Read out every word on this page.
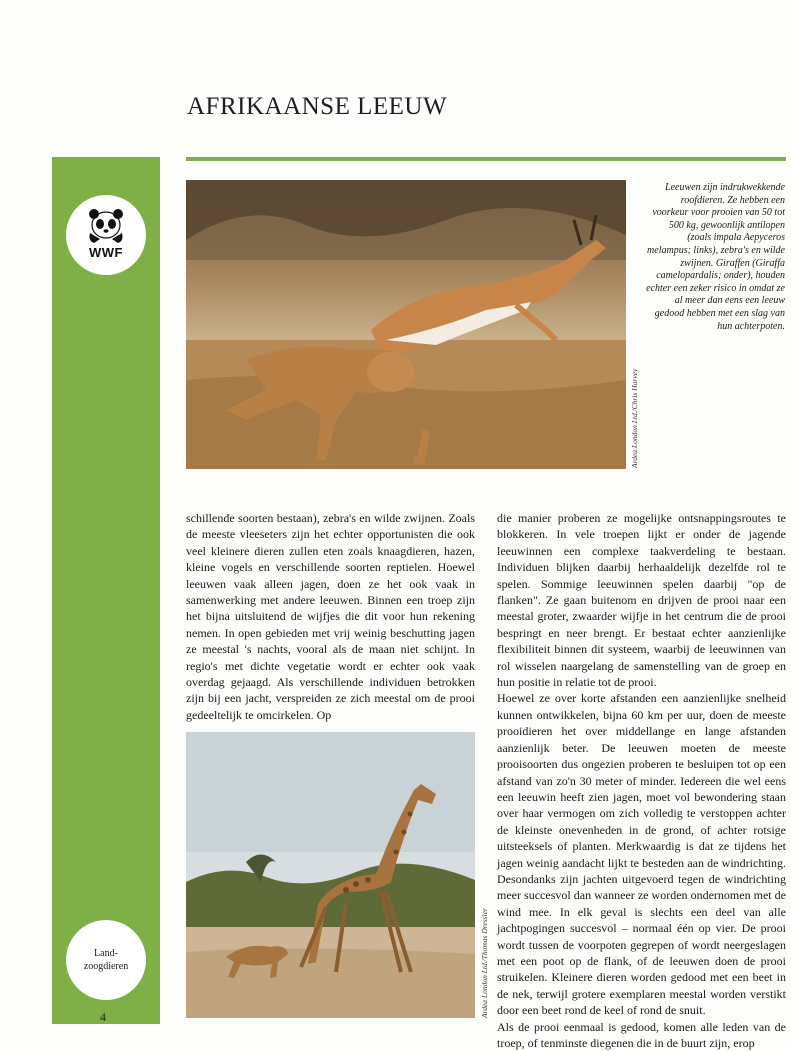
AFRIKAANSE LEEUW
WWF
Land-
zoogdieren
4
Ardea London Ltd./Chris Harvey
Leeuwen zijn indrukwekkende roofdieren. Ze hebben een voorkeur voor prooien van 50 tot 500 kg, gewoonlijk antilopen (zoals impala Aepyceros melampus; links), zebra's en wilde zwijnen. Giraffen (Giraffa camelopardalis; onder), houden echter een zeker risico in omdat ze al meer dan eens een leeuw gedood hebben met een slag van hun achterpoten.

schillende soorten bestaan), zebra's en wilde zwijnen. Zoals de meeste vleeseters zijn het echter opportunisten die ook veel kleinere dieren zullen eten zoals knaagdieren, hazen, kleine vogels en verschillende soorten reptielen. Hoewel leeuwen vaak alleen jagen, doen ze het ook vaak in samenwerking met andere leeuwen. Binnen een troep zijn het bijna uitsluitend de wijfjes die dit voor hun rekening nemen. In open gebieden met vrij weinig beschutting jagen ze meestal 's nachts, vooral als de maan niet schijnt. In regio's met dichte vegetatie wordt er echter ook vaak overdag gejaagd. Als verschillende individuen betrokken zijn bij een jacht, verspreiden ze zich meestal om de prooi gedeeltelijk te omcirkelen. Op

die manier proberen ze mogelijke ontsnappingsroutes te blokkeren. In vele troepen lijkt er onder de jagende leeuwinnen een complexe taakverdeling te bestaan. Individuen blijken daarbij herhaaldelijk dezelfde rol te spelen. Sommige leeuwinnen spelen daarbij "op de flanken". Ze gaan buitenom en drijven de prooi naar een meestal groter, zwaarder wijfje in het centrum die de prooi bespringt en neer brengt. Er bestaat echter aanzienlijke flexibiliteit binnen dit systeem, waarbij de leeuwinnen van rol wisselen naargelang de samenstelling van de groep en hun positie in relatie tot de prooi.

Hoewel ze over korte afstanden een aanzienlijke snelheid kunnen ontwikkelen, bijna 60 km per uur, doen de meeste prooidieren het over middellange en lange afstanden aanzienlijk beter. De leeuwen moeten de meeste prooisoorten dus ongezien proberen te besluipen tot op een afstand van zo'n 30 meter of minder. Iedereen die wel eens een leeuwin heeft zien jagen, moet vol bewondering staan over haar vermogen om zich volledig te verstoppen achter de kleinste onevenheden in de grond, of achter rotsige uitsteeksels of planten. Merkwaardig is dat ze tijdens het jagen weinig aandacht lijkt te besteden aan de windrichting. Desondanks zijn jachten uitgevoerd tegen de windrichting meer succesvol dan wanneer ze worden ondernomen met de wind mee. In elk geval is slechts een deel van alle jachtpogingen succesvol – normaal één op vier. De prooi wordt tussen de voorpoten gegrepen of wordt neergeslagen met een poot op de flank, of de leeuwen doen de prooi struikelen. Kleinere dieren worden gedood met een beet in de nek, terwijl grotere exemplaren meestal worden verstikt door een beet rond de keel of rond de snuit.

Als de prooi eenmaal is gedood, komen alle leden van de troep, of tenminste diegenen die in de buurt zijn, erop

Ardea London Ltd./Thomas Dressler
